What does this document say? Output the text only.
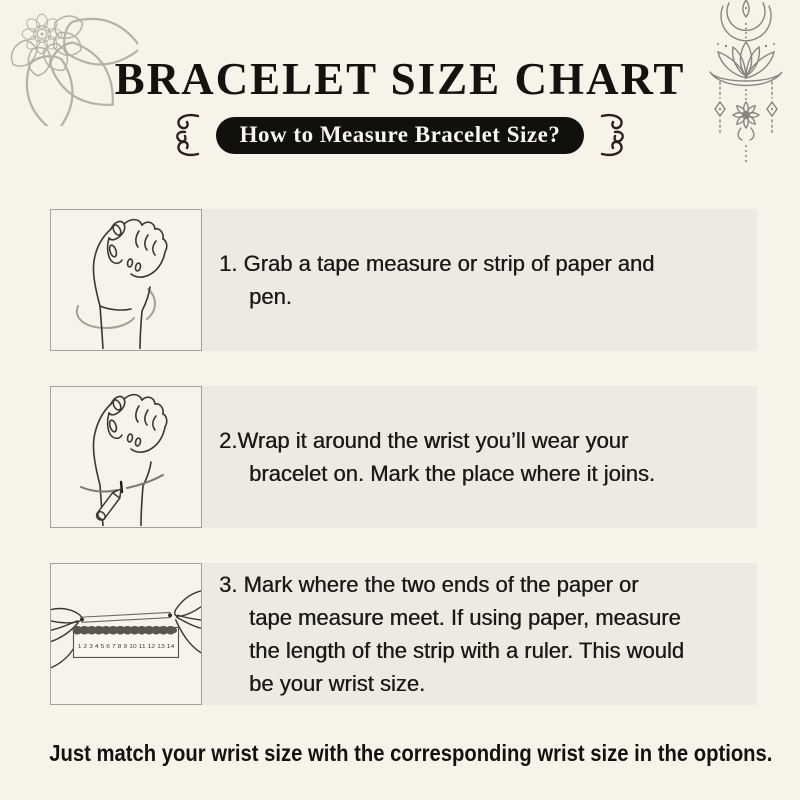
BRACELET SIZE CHART
How to Measure Bracelet Size?
1. Grab a tape measure or strip of paper and
pen.
2.Wrap it around the wrist you’ll wear your
bracelet on. Mark the place where it joins.
1 2 3 4 5 6 7 8 9 10 11 12 13 14
3. Mark where the two ends of the paper or
tape measure meet. If using paper, measure
the length of the strip with a ruler. This would
be your wrist size.
Just match your wrist size with the corresponding wrist size in the options.
